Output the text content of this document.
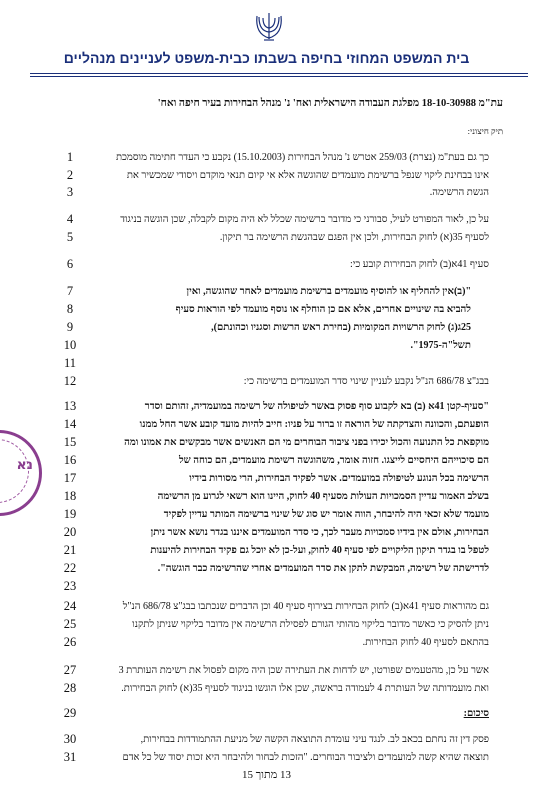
בית המשפט המחוזי בחיפה בשבתו כבית-משפט לעניינים מנהליים
עת"מ 18-10-30988 מפלגת העבודה הישראלית ואח' נ' מנהל הבחירות בעיר חיפה ואח'
תיק חיצוני:
1	כך גם בעת"מ (נצרת) 259/03 אטרש נ' מנהל הבחירות (15.10.2003) נקבע כי העדר חתימה מוסמכת
2	אינו בבחינת ליקוי שנפל ברשימת מועמדים שהוגשה אלא אי קיום תנאי מוקדם ויסודי שמכשיר את
3	הגשת הרשימה.
4	על כן, לאור המפורט לעיל, סבורני כי מדובר ברשימה שכלל לא היה מקום לקבלה, שכן הוגשה בניגוד
5	לסעיף 35(א) לחוק הבחירות, ולכן אין הפגם שבהגשת הרשימה בר תיקון.
6	סעיף 41א(ב) לחוק הבחירות קובע כי:
7	"(ב)אין להחליף או להוסיף מועמדים ברשימת מועמדים לאחר שהוגשה, ואין
8	להביא בה שינויים אחרים, אלא אם כן הוחלף או נוסף מועמד לפי הוראות סעיף
9	25ג(ג) לחוק הרשויות המקומיות (בחירת ראש הרשות וסגניו וכהונתם),
10	תשל"ה-1975".
11
12	בבג"צ 686/78 הנ"ל נקבע לעניין שינוי סדר המועמדים ברשימה כי:
13	"סעיף-קטן 41א (ב) בא לקבוע סוף פסוק באשר לטיפולה של רשימה במועמדיה, זהותם וסדר
14	הופעתם, והכוונה והצדקתה של הוראה זו ברור על פניו: חייב להיות מועד קובע אשר החל ממנו
15	מוקפאת כל התנועה והכול יכירו בפני ציבור הבוחרים מי הם האנשים אשר מבקשים את אמונו ומה
16	הם סיכוייהם היחסיים לייצגו. חזוה אומר, משהוגשה רשימת מועמדים, הם כוחה של
17	הרשימה בכל הנוגע לטיפולה במועמדים. אשר לפקיד הבחירות, הרי מסורות בידיו
18	בשלב האמור עדיין הסמכויות העולות מסעיף 40 לחוק, היינו הוא רשאי לגרוע מן הרשימה
19	מועמד שלא זכאי היה להיבחר, הווה אומר יש סוג של שינוי ברשימה המותר עדיין לפקיד
20	הבחירות, אולם אין בידיו סמכויות מעבר לכך, כי סדר המועמדים איננו בגדר נושא אשר ניתן
21	לטפל בו בגדר תיקון הליקויים לפי סעיף 40 לחוק, ועל-כן לא יוכל גם פקיד הבחירות להיענות
22	לדרישתה של רשימה, המבקשת לתקן את סדר המועמדים אחרי שהרשימה כבר הוגשה".
23
24	גם מהוראות סעיף 41א(ב) לחוק הבחירות בצירוף סעיף 40 וכן הדברים שנכתבו בבג"צ 686/78 הנ"ל
25	ניתן להסיק כי כאשר מדובר בליקוי מהותי הגורם לפסילת הרשימה אין מדובר בליקוי שניתן לתקנו
26	בהתאם לסעיף 40 לחוק הבחירות.
27	אשר על כן, מהטעמים שפורטו, יש לדחות את העתירה שכן היה מקום לפסול את רשימת העותרת 3
28	ואת מועמדותה של העותרת 4 לעמודה בראשה, שכן אלו הוגשו בניגוד לסעיף 35(א) לחוק הבחירות.
29	סיכום:
30	פסק דין זה נחתם בכאב לב. לנגד עיני עומדת התוצאה הקשה של מניעת ההתמודדות בבחירות,
31	תוצאה שהיא קשה למועמדים ולציבור הבוחרים. "הזכות לבחור ולהיבחר היא זכות יסוד של כל אדם
13 מתוך 15
נא
